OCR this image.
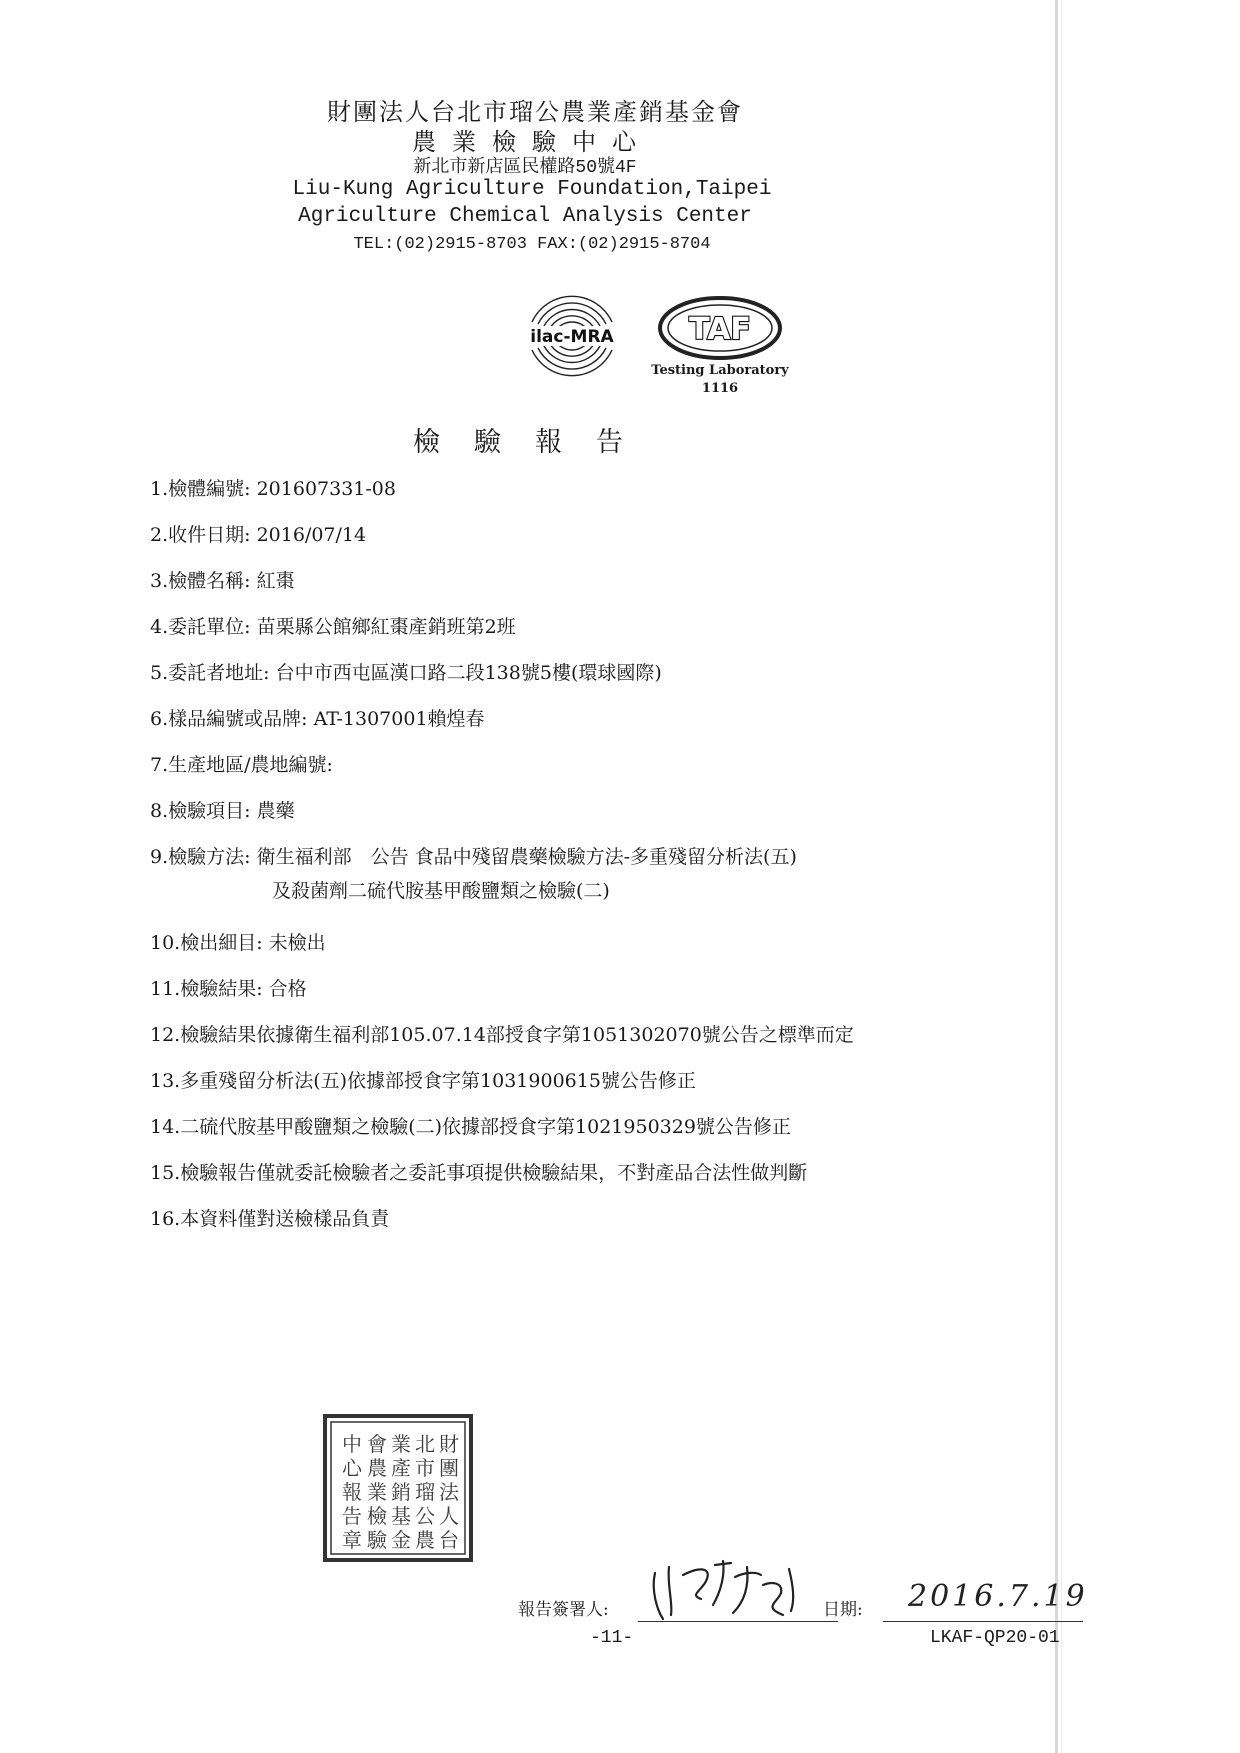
財團法人台北市瑠公農業產銷基金會
農業檢驗中心
新北市新店區民權路50號4F
Liu-Kung Agriculture Foundation,Taipei
Agriculture Chemical Analysis Center
TEL:(02)2915-8703 FAX:(02)2915-8704
ilac-MRA	TAF
Testing Laboratory
1116
檢驗報告
1.檢體編號: 201607331-08
2.收件日期: 2016/07/14
3.檢體名稱: 紅棗
4.委託單位: 苗栗縣公館鄉紅棗產銷班第2班
5.委託者地址: 台中市西屯區漢口路二段138號5樓(環球國際)
6.樣品編號或品牌: AT-1307001賴煌春
7.生產地區/農地編號:
8.檢驗項目: 農藥
9.檢驗方法: 衛生福利部　公告 食品中殘留農藥檢驗方法-多重殘留分析法(五)
及殺菌劑二硫代胺基甲酸鹽類之檢驗(二)
10.檢出細目: 未檢出
11.檢驗結果: 合格
12.檢驗結果依據衛生福利部105.07.14部授食字第1051302070號公告之標準而定
13.多重殘留分析法(五)依據部授食字第1031900615號公告修正
14.二硫代胺基甲酸鹽類之檢驗(二)依據部授食字第1021950329號公告修正
15.檢驗報告僅就委託檢驗者之委託事項提供檢驗結果，不對產品合法性做判斷
16.本資料僅對送檢樣品負責
財
團
法
人
台
北
市
瑠
公
農
業
產
銷
基
金
會
農
業
檢
驗
中
心
報
告
章
報告簽署人:	日期: 2016.7.19
-11-	LKAF-QP20-01
